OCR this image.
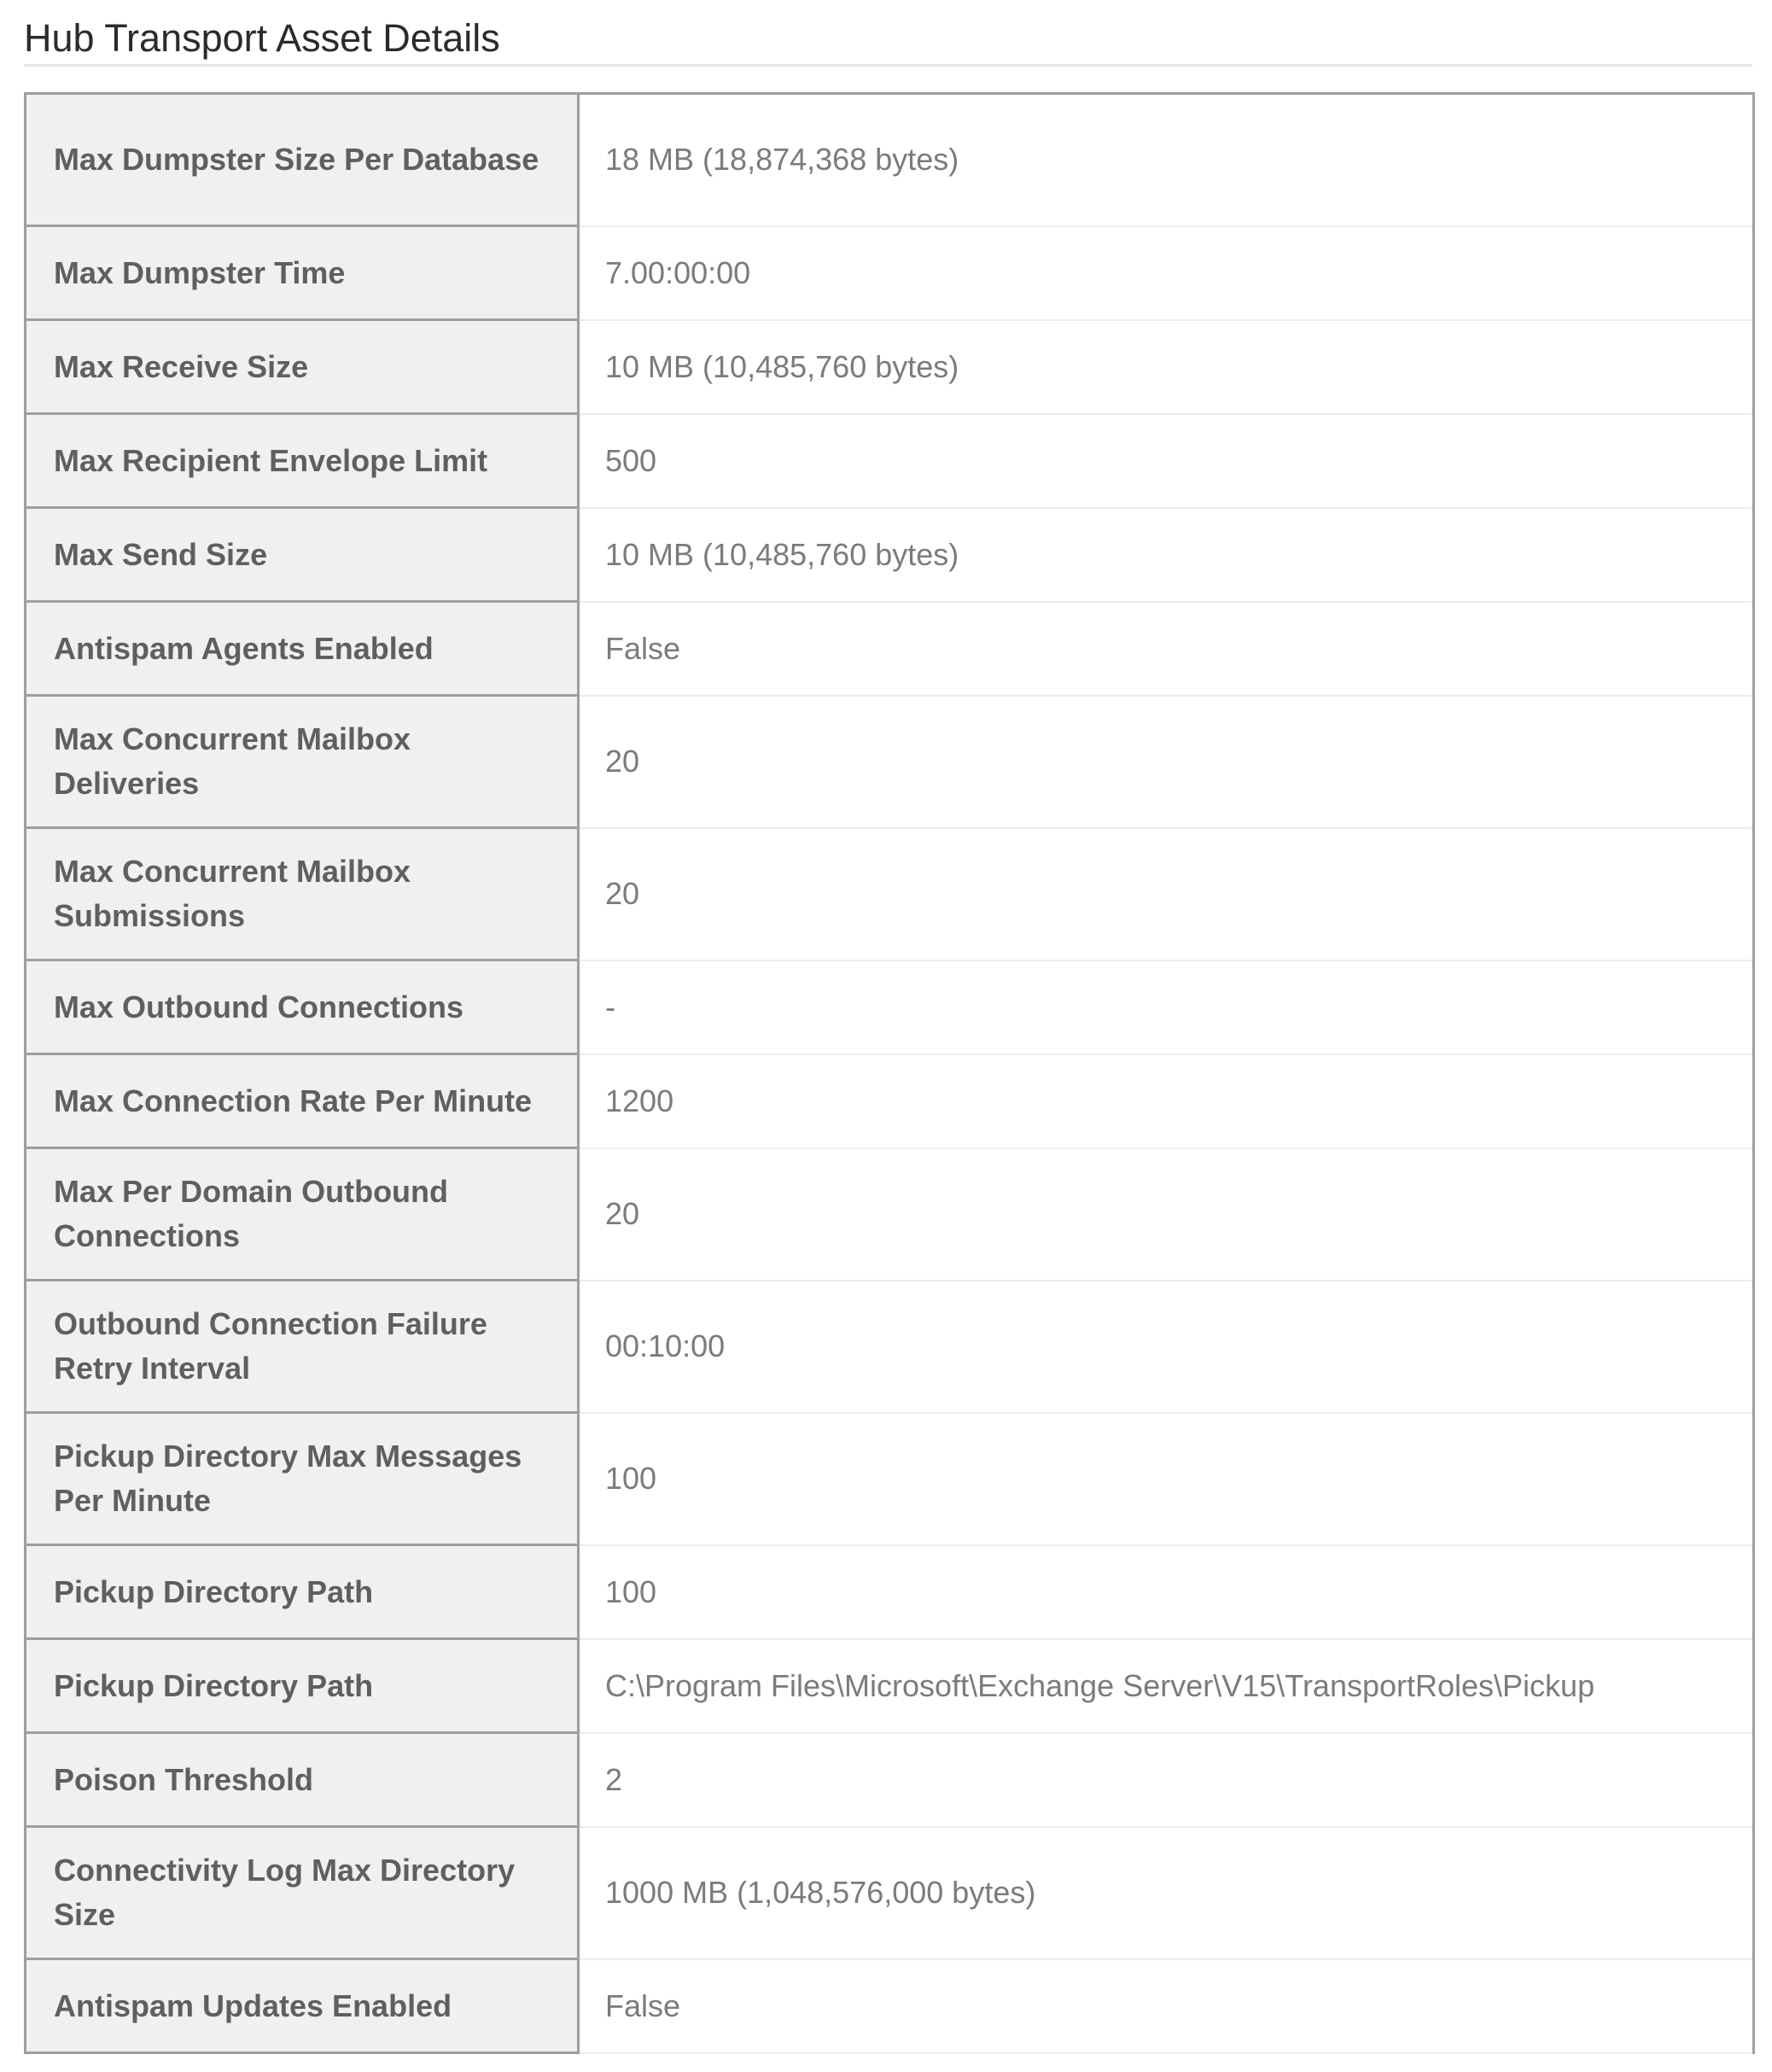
Hub Transport Asset Details
Max Dumpster Size Per Database	18 MB (18,874,368 bytes)
Max Dumpster Time	7.00:00:00
Max Receive Size	10 MB (10,485,760 bytes)
Max Recipient Envelope Limit	500
Max Send Size	10 MB (10,485,760 bytes)
Antispam Agents Enabled	False
Max Concurrent Mailbox Deliveries	20
Max Concurrent Mailbox Submissions	20
Max Outbound Connections	-
Max Connection Rate Per Minute	1200
Max Per Domain Outbound Connections	20
Outbound Connection Failure Retry Interval	00:10:00
Pickup Directory Max Messages Per Minute	100
Pickup Directory Path	100
Pickup Directory Path	C:\Program Files\Microsoft\Exchange Server\V15\TransportRoles\Pickup
Poison Threshold	2
Connectivity Log Max Directory Size	1000 MB (1,048,576,000 bytes)
Antispam Updates Enabled	False
